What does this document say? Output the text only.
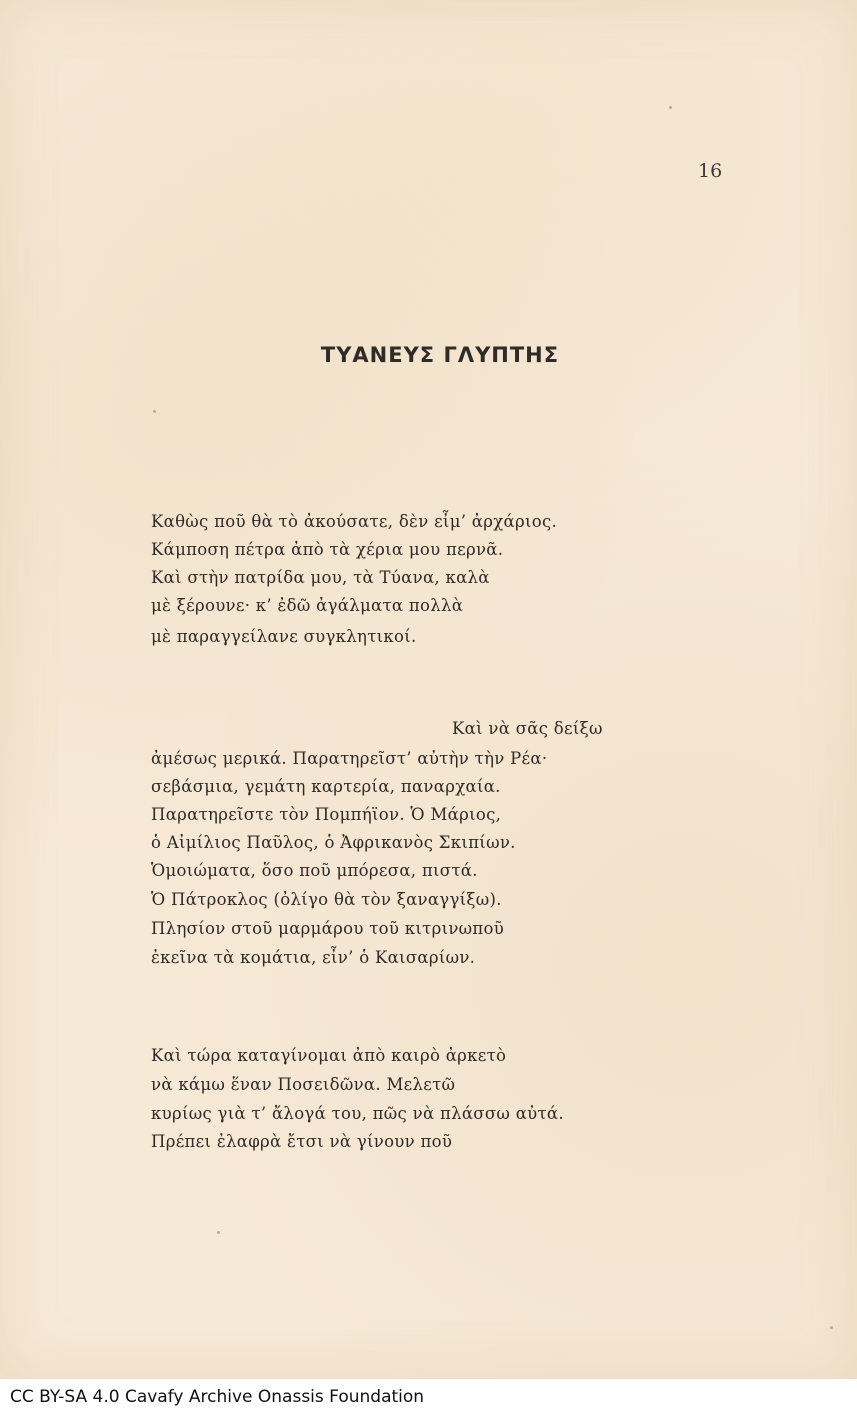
16
ΤΥΑΝΕΥΣ ΓΛΥΠΤΗΣ
Καθὼς ποῦ θὰ τὸ ἀκούσατε, δὲν εἶμ’ ἀρχάριος.
Κάμποση πέτρα ἀπὸ τὰ χέρια μου περνᾶ.
Καὶ στὴν πατρίδα μου, τὰ Τύανα, καλὰ
μὲ ξέρουνε· κ’ ἐδῶ ἀγάλματα πολλὰ
μὲ παραγγείλανε συγκλητικοί.
Καὶ νὰ σᾶς δείξω
ἀμέσως μερικά. Παρατηρεῖστ’ αὐτὴν τὴν Ρέα·
σεβάσμια, γεμάτη καρτερία, παναρχαία.
Παρατηρεῖστε τὸν Πομπήϊον. Ὁ Μάριος,
ὁ Αἰμίλιος Παῦλος, ὁ Ἀφρικανὸς Σκιπίων.
Ὁμοιώματα, ὅσο ποῦ μπόρεσα, πιστά.
Ὁ Πάτροκλος (ὀλίγο θὰ τὸν ξαναγγίξω).
Πλησίον στοῦ μαρμάρου τοῦ κιτρινωποῦ
ἐκεῖνα τὰ κομάτια, εἶν’ ὁ Καισαρίων.
Καὶ τώρα καταγίνομαι ἀπὸ καιρὸ ἀρκετὸ
νὰ κάμω ἕναν Ποσειδῶνα. Μελετῶ
κυρίως γιὰ τ’ ἄλογά του, πῶς νὰ πλάσσω αὐτά.
Πρέπει ἐλαφρὰ ἔτσι νὰ γίνουν ποῦ
CC BY-SA 4.0 Cavafy Archive Onassis Foundation
